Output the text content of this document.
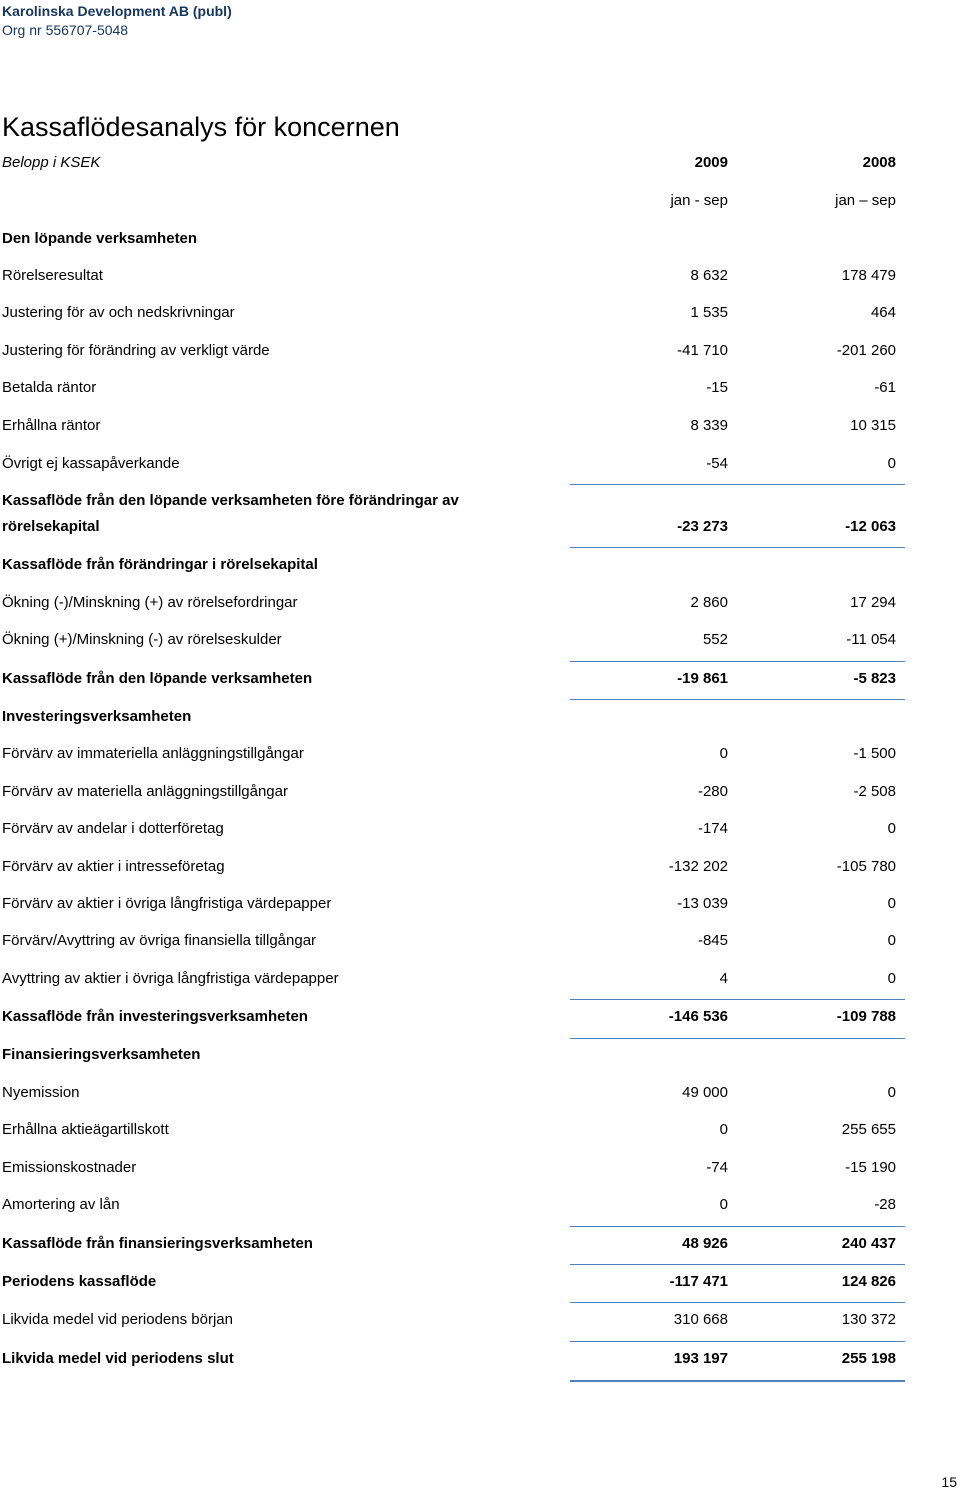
Karolinska Development AB (publ)
Org nr 556707-5048
Kassaflödesanalys för koncernen
Belopp i KSEK	2009	2008
jan - sep	jan – sep
Den löpande verksamheten
Rörelseresultat	8 632	178 479
Justering för av och nedskrivningar	1 535	464
Justering för förändring av verkligt värde	-41 710	-201 260
Betalda räntor	-15	-61
Erhållna räntor	8 339	10 315
Övrigt ej kassapåverkande	-54	0
Kassaflöde från den löpande verksamheten före förändringar av
rörelsekapital	-23 273	-12 063
Kassaflöde från förändringar i rörelsekapital
Ökning (-)/Minskning (+) av rörelsefordringar	2 860	17 294
Ökning (+)/Minskning (-) av rörelseskulder	552	-11 054
Kassaflöde från den löpande verksamheten	-19 861	-5 823
Investeringsverksamheten
Förvärv av immateriella anläggningstillgångar	0	-1 500
Förvärv av materiella anläggningstillgångar	-280	-2 508
Förvärv av andelar i dotterföretag	-174	0
Förvärv av aktier i intresseföretag	-132 202	-105 780
Förvärv av aktier i övriga långfristiga värdepapper	-13 039	0
Förvärv/Avyttring av övriga finansiella tillgångar	-845	0
Avyttring av aktier i övriga långfristiga värdepapper	4	0
Kassaflöde från investeringsverksamheten	-146 536	-109 788
Finansieringsverksamheten
Nyemission	49 000	0
Erhållna aktieägartillskott	0	255 655
Emissionskostnader	-74	-15 190
Amortering av lån	0	-28
Kassaflöde från finansieringsverksamheten	48 926	240 437
Periodens kassaflöde	-117 471	124 826
Likvida medel vid periodens början	310 668	130 372
Likvida medel vid periodens slut	193 197	255 198
15
